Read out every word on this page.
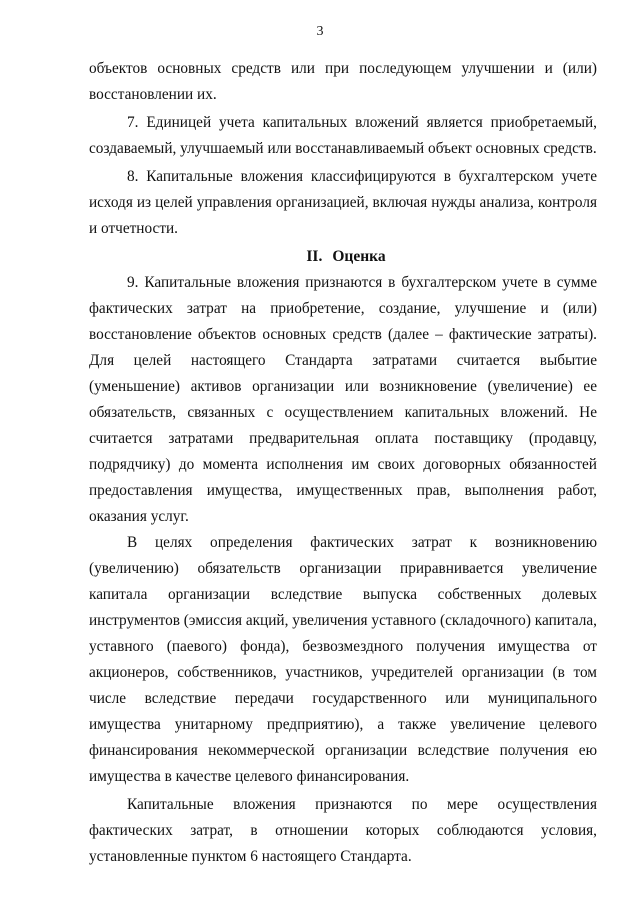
3

объектов основных средств или при последующем улучшении и (или) восстановлении их.

7. Единицей учета капитальных вложений является приобретаемый, создаваемый, улучшаемый или восстанавливаемый объект основных средств.

8. Капитальные вложения классифицируются в бухгалтерском учете исходя из целей управления организацией, включая нужды анализа, контроля и отчетности.

II. Оценка

9. Капитальные вложения признаются в бухгалтерском учете в сумме фактических затрат на приобретение, создание, улучшение и (или) восстановление объектов основных средств (далее – фактические затраты). Для целей настоящего Стандарта затратами считается выбытие (уменьшение) активов организации или возникновение (увеличение) ее обязательств, связанных с осуществлением капитальных вложений. Не считается затратами предварительная оплата поставщику (продавцу, подрядчику) до момента исполнения им своих договорных обязанностей предоставления имущества, имущественных прав, выполнения работ, оказания услуг.

В целях определения фактических затрат к возникновению (увеличению) обязательств организации приравнивается увеличение капитала организации вследствие выпуска собственных долевых инструментов (эмиссия акций, увеличения уставного (складочного) капитала, уставного (паевого) фонда), безвозмездного получения имущества от акционеров, собственников, участников, учредителей организации (в том числе вследствие передачи государственного или муниципального имущества унитарному предприятию), а также увеличение целевого финансирования некоммерческой организации вследствие получения ею имущества в качестве целевого финансирования.

Капитальные вложения признаются по мере осуществления фактических затрат, в отношении которых соблюдаются условия, установленные пунктом 6 настоящего Стандарта.
